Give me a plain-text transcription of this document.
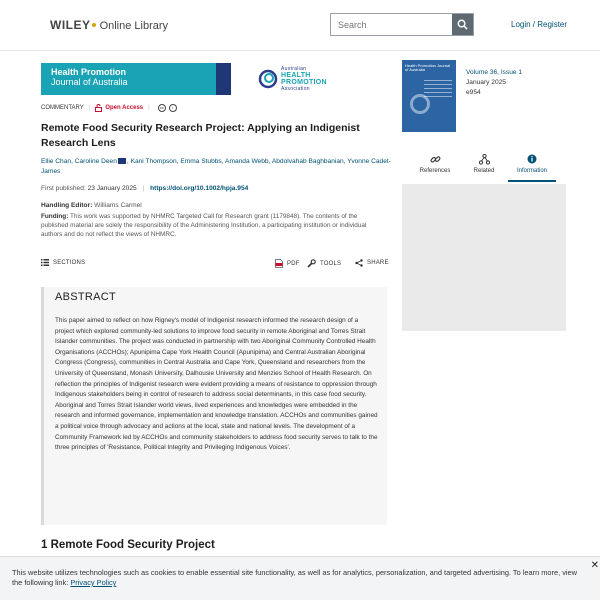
WILEY Online Library
Search	Login / Register
Health Promotion
Journal of Australia
Australian
HEALTH
PROMOTION
Association
COMMENTARY |	Open Access |	cc	i
Remote Food Security Research Project: Applying an Indigenist Research Lens
Ellie Chan, Caroline Deen , Kani Thompson, Emma Stubbs, Amanda Webb, Abdolvahab Baghbanian, Yvonne Cadet-James
First published: 23 January 2025 | https://doi.org/10.1002/hpja.954
Handling Editor: Williams Carmel
Funding: This work was supported by NHMRC Targeted Call for Research grant (1179848). The contents of the published material are solely the responsibility of the Administering Institution, a participating institution or individual authors and do not reflect the views of NHMRC.
SECTIONS	PDF	TOOLS	SHARE
ABSTRACT

This paper aimed to reflect on how Rigney's model of Indigenist research informed the research design of a project which explored community-led solutions to improve food security in remote Aboriginal and Torres Strait Islander communities. The project was conducted in partnership with two Aboriginal Community Controlled Health Organisations (ACCHOs); Apunipima Cape York Health Council (Apunipima) and Central Australian Aboriginal Congress (Congress), communities in Central Australia and Cape York, Queensland and researchers from the University of Queensland, Monash University, Dalhousie University and Menzies School of Health Research. On reflection the principles of Indigenist research were evident providing a means of resistance to oppression through Indigenous stakeholders being in control of research to address social determinants, in this case food security. Aboriginal and Torres Strait Islander world views, lived experiences and knowledges were embedded in the research and informed governance, implementation and knowledge translation. ACCHOs and communities gained a political voice through advocacy and actions at the local, state and national levels. The development of a Community Framework led by ACCHOs and community stakeholders to address food security serves to talk to the three principles of 'Resistance, Political Integrity and Privileging Indigenous Voices'.

1 Remote Food Security Project
Health Promotion Journal of Australia	Volume 36, Issue 1
January 2025
e954
References	Related	Information

This website utilizes technologies such as cookies to enable essential site functionality, as well as for analytics, personalization, and targeted advertising. To learn more, view the following link: Privacy Policy

✕
